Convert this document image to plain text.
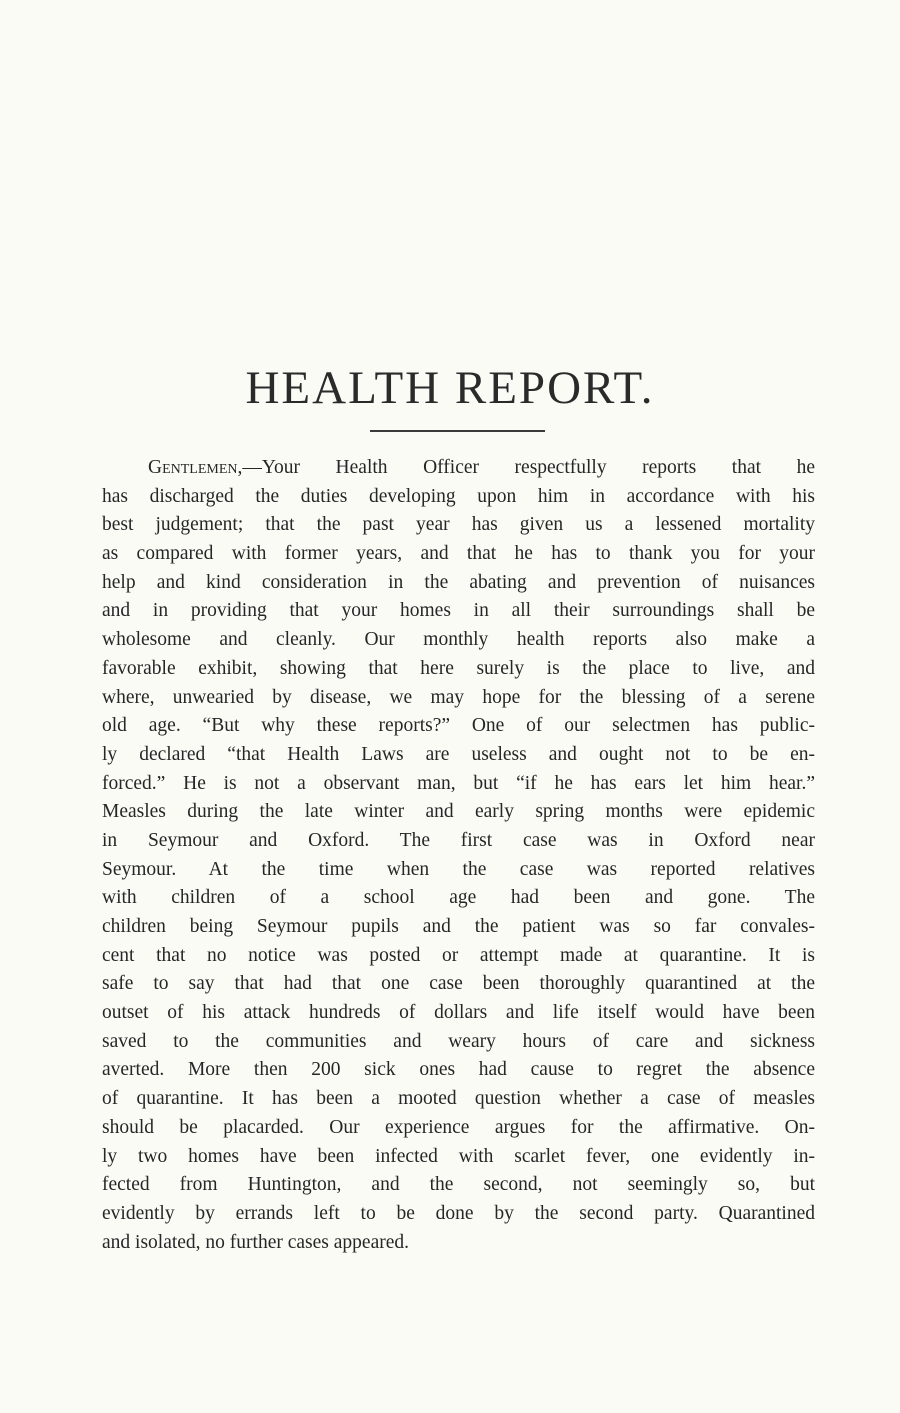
HEALTH REPORT.
Gentlemen,—Your Health Officer respectfully reports that he
has discharged the duties developing upon him in accordance with his
best judgement; that the past year has given us a lessened mortality
as compared with former years, and that he has to thank you for your
help and kind consideration in the abating and prevention of nuisances
and in providing that your homes in all their surroundings shall be
wholesome and cleanly. Our monthly health reports also make a
favorable exhibit, showing that here surely is the place to live, and
where, unwearied by disease, we may hope for the blessing of a serene
old age. “But why these reports?” One of our selectmen has public-
ly declared “that Health Laws are useless and ought not to be en-
forced.” He is not a observant man, but “if he has ears let him hear.”
Measles during the late winter and early spring months were epidemic
in Seymour and Oxford. The first case was in Oxford near
Seymour. At the time when the case was reported relatives
with children of a school age had been and gone. The
children being Seymour pupils and the patient was so far convales-
cent that no notice was posted or attempt made at quarantine. It is
safe to say that had that one case been thoroughly quarantined at the
outset of his attack hundreds of dollars and life itself would have been
saved to the communities and weary hours of care and sickness
averted. More then 200 sick ones had cause to regret the absence
of quarantine. It has been a mooted question whether a case of measles
should be placarded. Our experience argues for the affirmative. On-
ly two homes have been infected with scarlet fever, one evidently in-
fected from Huntington, and the second, not seemingly so, but
evidently by errands left to be done by the second party. Quarantined
and isolated, no further cases appeared.
